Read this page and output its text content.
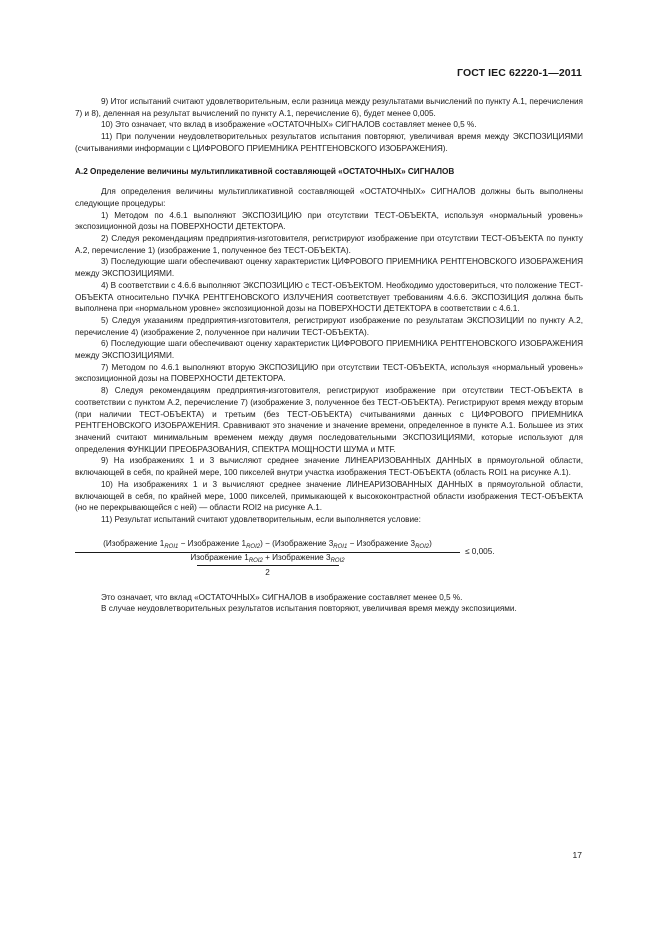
ГОСТ IEC 62220-1—2011

9) Итог испытаний считают удовлетворительным, если разница между результатами вычислений по пункту А.1, перечисления 7) и 8), деленная на результат вычислений по пункту А.1, перечисление 6), будет менее 0,005.

10) Это означает, что вклад в изображение «ОСТАТОЧНЫХ» СИГНАЛОВ составляет менее 0,5 %.

11) При получении неудовлетворительных результатов испытания повторяют, увеличивая время между ЭКСПОЗИЦИЯМИ (считываниями информации с ЦИФРОВОГО ПРИЕМНИКА РЕНТГЕНОВСКОГО ИЗОБРАЖЕНИЯ).

А.2 Определение величины мультипликативной составляющей «ОСТАТОЧНЫХ» СИГНАЛОВ

Для определения величины мультипликативной составляющей «ОСТАТОЧНЫХ» СИГНАЛОВ должны быть выполнены следующие процедуры:

1) Методом по 4.6.1 выполняют ЭКСПОЗИЦИЮ при отсутствии ТЕСТ-ОБЪЕКТА, используя «нормальный уровень» экспозиционной дозы на ПОВЕРХНОСТИ ДЕТЕКТОРА.

2) Следуя рекомендациям предприятия-изготовителя, регистрируют изображение при отсутствии ТЕСТ-ОБЪЕКТА по пункту А.2, перечисление 1) (изображение 1, полученное без ТЕСТ-ОБЪЕКТА).

3) Последующие шаги обеспечивают оценку характеристик ЦИФРОВОГО ПРИЕМНИКА РЕНТГЕНОВСКОГО ИЗОБРАЖЕНИЯ между ЭКСПОЗИЦИЯМИ.

4) В соответствии с 4.6.6 выполняют ЭКСПОЗИЦИЮ с ТЕСТ-ОБЪЕКТОМ. Необходимо удостовериться, что положение ТЕСТ-ОБЪЕКТА относительно ПУЧКА РЕНТГЕНОВСКОГО ИЗЛУЧЕНИЯ соответствует требованиям 4.6.6. ЭКСПОЗИЦИЯ должна быть выполнена при «нормальном уровне» экспозиционной дозы на ПОВЕРХНОСТИ ДЕТЕКТОРА в соответствии с 4.6.1.

5) Следуя указаниям предприятия-изготовителя, регистрируют изображение по результатам ЭКСПОЗИЦИИ по пункту А.2, перечисление 4) (изображение 2, полученное при наличии ТЕСТ-ОБЪЕКТА).

6) Последующие шаги обеспечивают оценку характеристик ЦИФРОВОГО ПРИЕМНИКА РЕНТГЕНОВСКОГО ИЗОБРАЖЕНИЯ между ЭКСПОЗИЦИЯМИ.

7) Методом по 4.6.1 выполняют вторую ЭКСПОЗИЦИЮ при отсутствии ТЕСТ-ОБЪЕКТА, используя «нормальный уровень» экспозиционной дозы на ПОВЕРХНОСТИ ДЕТЕКТОРА.

8) Следуя рекомендациям предприятия-изготовителя, регистрируют изображение при отсутствии ТЕСТ-ОБЪЕКТА в соответствии с пунктом А.2, перечисление 7) (изображение 3, полученное без ТЕСТ-ОБЪЕКТА). Регистрируют время между вторым (при наличии ТЕСТ-ОБЪЕКТА) и третьим (без ТЕСТ-ОБЪЕКТА) считываниями данных с ЦИФРОВОГО ПРИЕМНИКА РЕНТГЕНОВСКОГО ИЗОБРАЖЕНИЯ. Сравнивают это значение и значение времени, определенное в пункте А.1. Большее из этих значений считают минимальным временем между двумя последовательными ЭКСПОЗИЦИЯМИ, которые используют для определения ФУНКЦИИ ПРЕОБРАЗОВАНИЯ, СПЕКТРА МОЩНОСТИ ШУМА и MTF.

9) На изображениях 1 и 3 вычисляют среднее значение ЛИНЕАРИЗОВАННЫХ ДАННЫХ в прямоугольной области, включающей в себя, по крайней мере, 100 пикселей внутри участка изображения ТЕСТ-ОБЪЕКТА (область ROI1 на рисунке А.1).

10) На изображениях 1 и 3 вычисляют среднее значение ЛИНЕАРИЗОВАННЫХ ДАННЫХ в прямоугольной области, включающей в себя, по крайней мере, 1000 пикселей, примыкающей к высококонтрастной области изображения ТЕСТ-ОБЪЕКТА (но не перекрывающейся с ней) — области ROI2 на рисунке А.1.

11) Результат испытаний считают удовлетворительным, если выполняется условие:

(Изображение $1_{ROI1}$ − Изображение $1_{ROI2}$) − (Изображение $3_{ROI1}$ − Изображение $3_{ROI2}$)
Изображение $1_{ROI2}$ + Изображение $3_{ROI2}$
2
≤ 0,005.

Это означает, что вклад «ОСТАТОЧНЫХ» СИГНАЛОВ в изображение составляет менее 0,5 %.

В случае неудовлетворительных результатов испытания повторяют, увеличивая время между экспозициями.

17
